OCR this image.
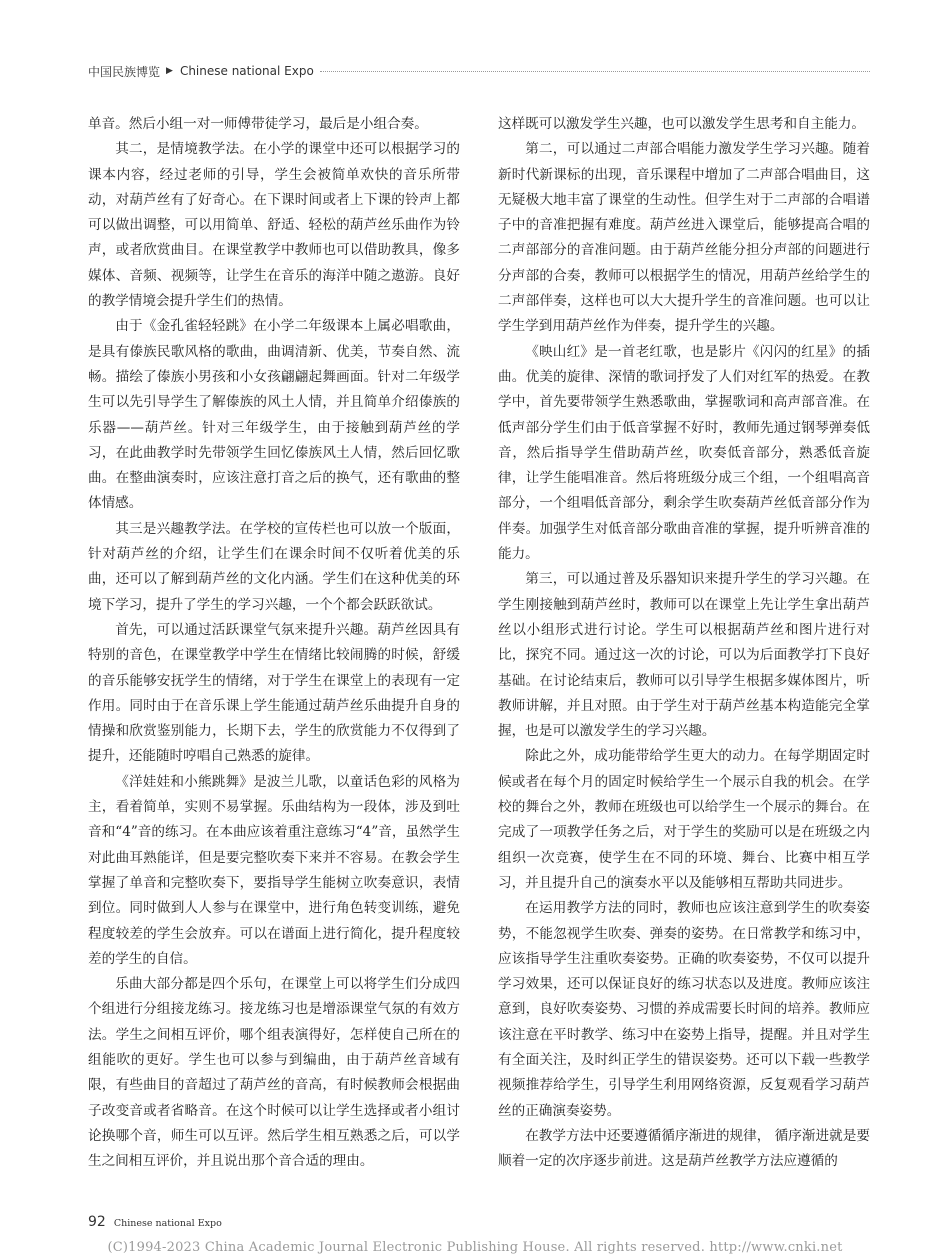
中国民族博览 ▶ Chinese national Expo

单音。然后小组一对一师傅带徒学习，最后是小组合奏。

其二，是情境教学法。在小学的课堂中还可以根据学习的课本内容，经过老师的引导，学生会被简单欢快的音乐所带动，对葫芦丝有了好奇心。在下课时间或者上下课的铃声上都可以做出调整，可以用简单、舒适、轻松的葫芦丝乐曲作为铃声，或者欣赏曲目。在课堂教学中教师也可以借助教具，像多媒体、音频、视频等，让学生在音乐的海洋中随之遨游。良好的教学情境会提升学生们的热情。

由于《金孔雀轻轻跳》在小学二年级课本上属必唱歌曲，是具有傣族民歌风格的歌曲，曲调清新、优美，节奏自然、流畅。描绘了傣族小男孩和小女孩翩翩起舞画面。针对二年级学生可以先引导学生了解傣族的风土人情，并且简单介绍傣族的乐器——葫芦丝。针对三年级学生，由于接触到葫芦丝的学习，在此曲教学时先带领学生回忆傣族风土人情，然后回忆歌曲。在整曲演奏时，应该注意打音之后的换气，还有歌曲的整体情感。

其三是兴趣教学法。在学校的宣传栏也可以放一个版面，针对葫芦丝的介绍，让学生们在课余时间不仅听着优美的乐曲，还可以了解到葫芦丝的文化内涵。学生们在这种优美的环境下学习，提升了学生的学习兴趣，一个个都会跃跃欲试。

首先，可以通过活跃课堂气氛来提升兴趣。葫芦丝因具有特别的音色，在课堂教学中学生在情绪比较闹腾的时候，舒缓的音乐能够安抚学生的情绪，对于学生在课堂上的表现有一定作用。同时由于在音乐课上学生能通过葫芦丝乐曲提升自身的情操和欣赏鉴别能力，长期下去，学生的欣赏能力不仅得到了提升，还能随时哼唱自己熟悉的旋律。

《洋娃娃和小熊跳舞》是波兰儿歌，以童话色彩的风格为主，看着简单，实则不易掌握。乐曲结构为一段体，涉及到吐音和“4”音的练习。在本曲应该着重注意练习“4”音，虽然学生对此曲耳熟能详，但是要完整吹奏下来并不容易。在教会学生掌握了单音和完整吹奏下，要指导学生能树立吹奏意识，表情到位。同时做到人人参与在课堂中，进行角色转变训练，避免程度较差的学生会放弃。可以在谱面上进行简化，提升程度较差的学生的自信。

乐曲大部分都是四个乐句，在课堂上可以将学生们分成四个组进行分组接龙练习。接龙练习也是增添课堂气氛的有效方法。学生之间相互评价，哪个组表演得好，怎样使自己所在的组能吹的更好。学生也可以参与到编曲，由于葫芦丝音域有限，有些曲目的音超过了葫芦丝的音高，有时候教师会根据曲子改变音或者省略音。在这个时候可以让学生选择或者小组讨论换哪个音，师生可以互评。然后学生相互熟悉之后，可以学生之间相互评价，并且说出那个音合适的理由。

这样既可以激发学生兴趣，也可以激发学生思考和自主能力。

第二，可以通过二声部合唱能力激发学生学习兴趣。随着新时代新课标的出现，音乐课程中增加了二声部合唱曲目，这无疑极大地丰富了课堂的生动性。但学生对于二声部的合唱谱子中的音准把握有难度。葫芦丝进入课堂后，能够提高合唱的二声部部分的音准问题。由于葫芦丝能分担分声部的问题进行分声部的合奏，教师可以根据学生的情况，用葫芦丝给学生的二声部伴奏，这样也可以大大提升学生的音准问题。也可以让学生学到用葫芦丝作为伴奏，提升学生的兴趣。

《映山红》是一首老红歌，也是影片《闪闪的红星》的插曲。优美的旋律、深情的歌词抒发了人们对红军的热爱。在教学中，首先要带领学生熟悉歌曲，掌握歌词和高声部音准。在低声部分学生们由于低音掌握不好时，教师先通过钢琴弹奏低音，然后指导学生借助葫芦丝，吹奏低音部分，熟悉低音旋律，让学生能唱准音。然后将班级分成三个组，一个组唱高音部分，一个组唱低音部分，剩余学生吹奏葫芦丝低音部分作为伴奏。加强学生对低音部分歌曲音准的掌握，提升听辨音准的能力。

第三，可以通过普及乐器知识来提升学生的学习兴趣。在学生刚接触到葫芦丝时，教师可以在课堂上先让学生拿出葫芦丝以小组形式进行讨论。学生可以根据葫芦丝和图片进行对比，探究不同。通过这一次的讨论，可以为后面教学打下良好基础。在讨论结束后，教师可以引导学生根据多媒体图片，听教师讲解，并且对照。由于学生对于葫芦丝基本构造能完全掌握，也是可以激发学生的学习兴趣。

除此之外，成功能带给学生更大的动力。在每学期固定时候或者在每个月的固定时候给学生一个展示自我的机会。在学校的舞台之外，教师在班级也可以给学生一个展示的舞台。在完成了一项教学任务之后，对于学生的奖励可以是在班级之内组织一次竞赛，使学生在不同的环境、舞台、比赛中相互学习，并且提升自己的演奏水平以及能够相互帮助共同进步。

在运用教学方法的同时，教师也应该注意到学生的吹奏姿势，不能忽视学生吹奏、弹奏的姿势。在日常教学和练习中，应该指导学生注重吹奏姿势。正确的吹奏姿势，不仅可以提升学习效果，还可以保证良好的练习状态以及进度。教师应该注意到，良好吹奏姿势、习惯的养成需要长时间的培养。教师应该注意在平时教学、练习中在姿势上指导，提醒。并且对学生有全面关注，及时纠正学生的错误姿势。还可以下载一些教学视频推荐给学生，引导学生利用网络资源，反复观看学习葫芦丝的正确演奏姿势。

在教学方法中还要遵循循序渐进的规律， 循序渐进就是要顺着一定的次序逐步前进。这是葫芦丝教学方法应遵循的

92 Chinese national Expo
(C)1994-2023 China Academic Journal Electronic Publishing House. All rights reserved. http://www.cnki.net
